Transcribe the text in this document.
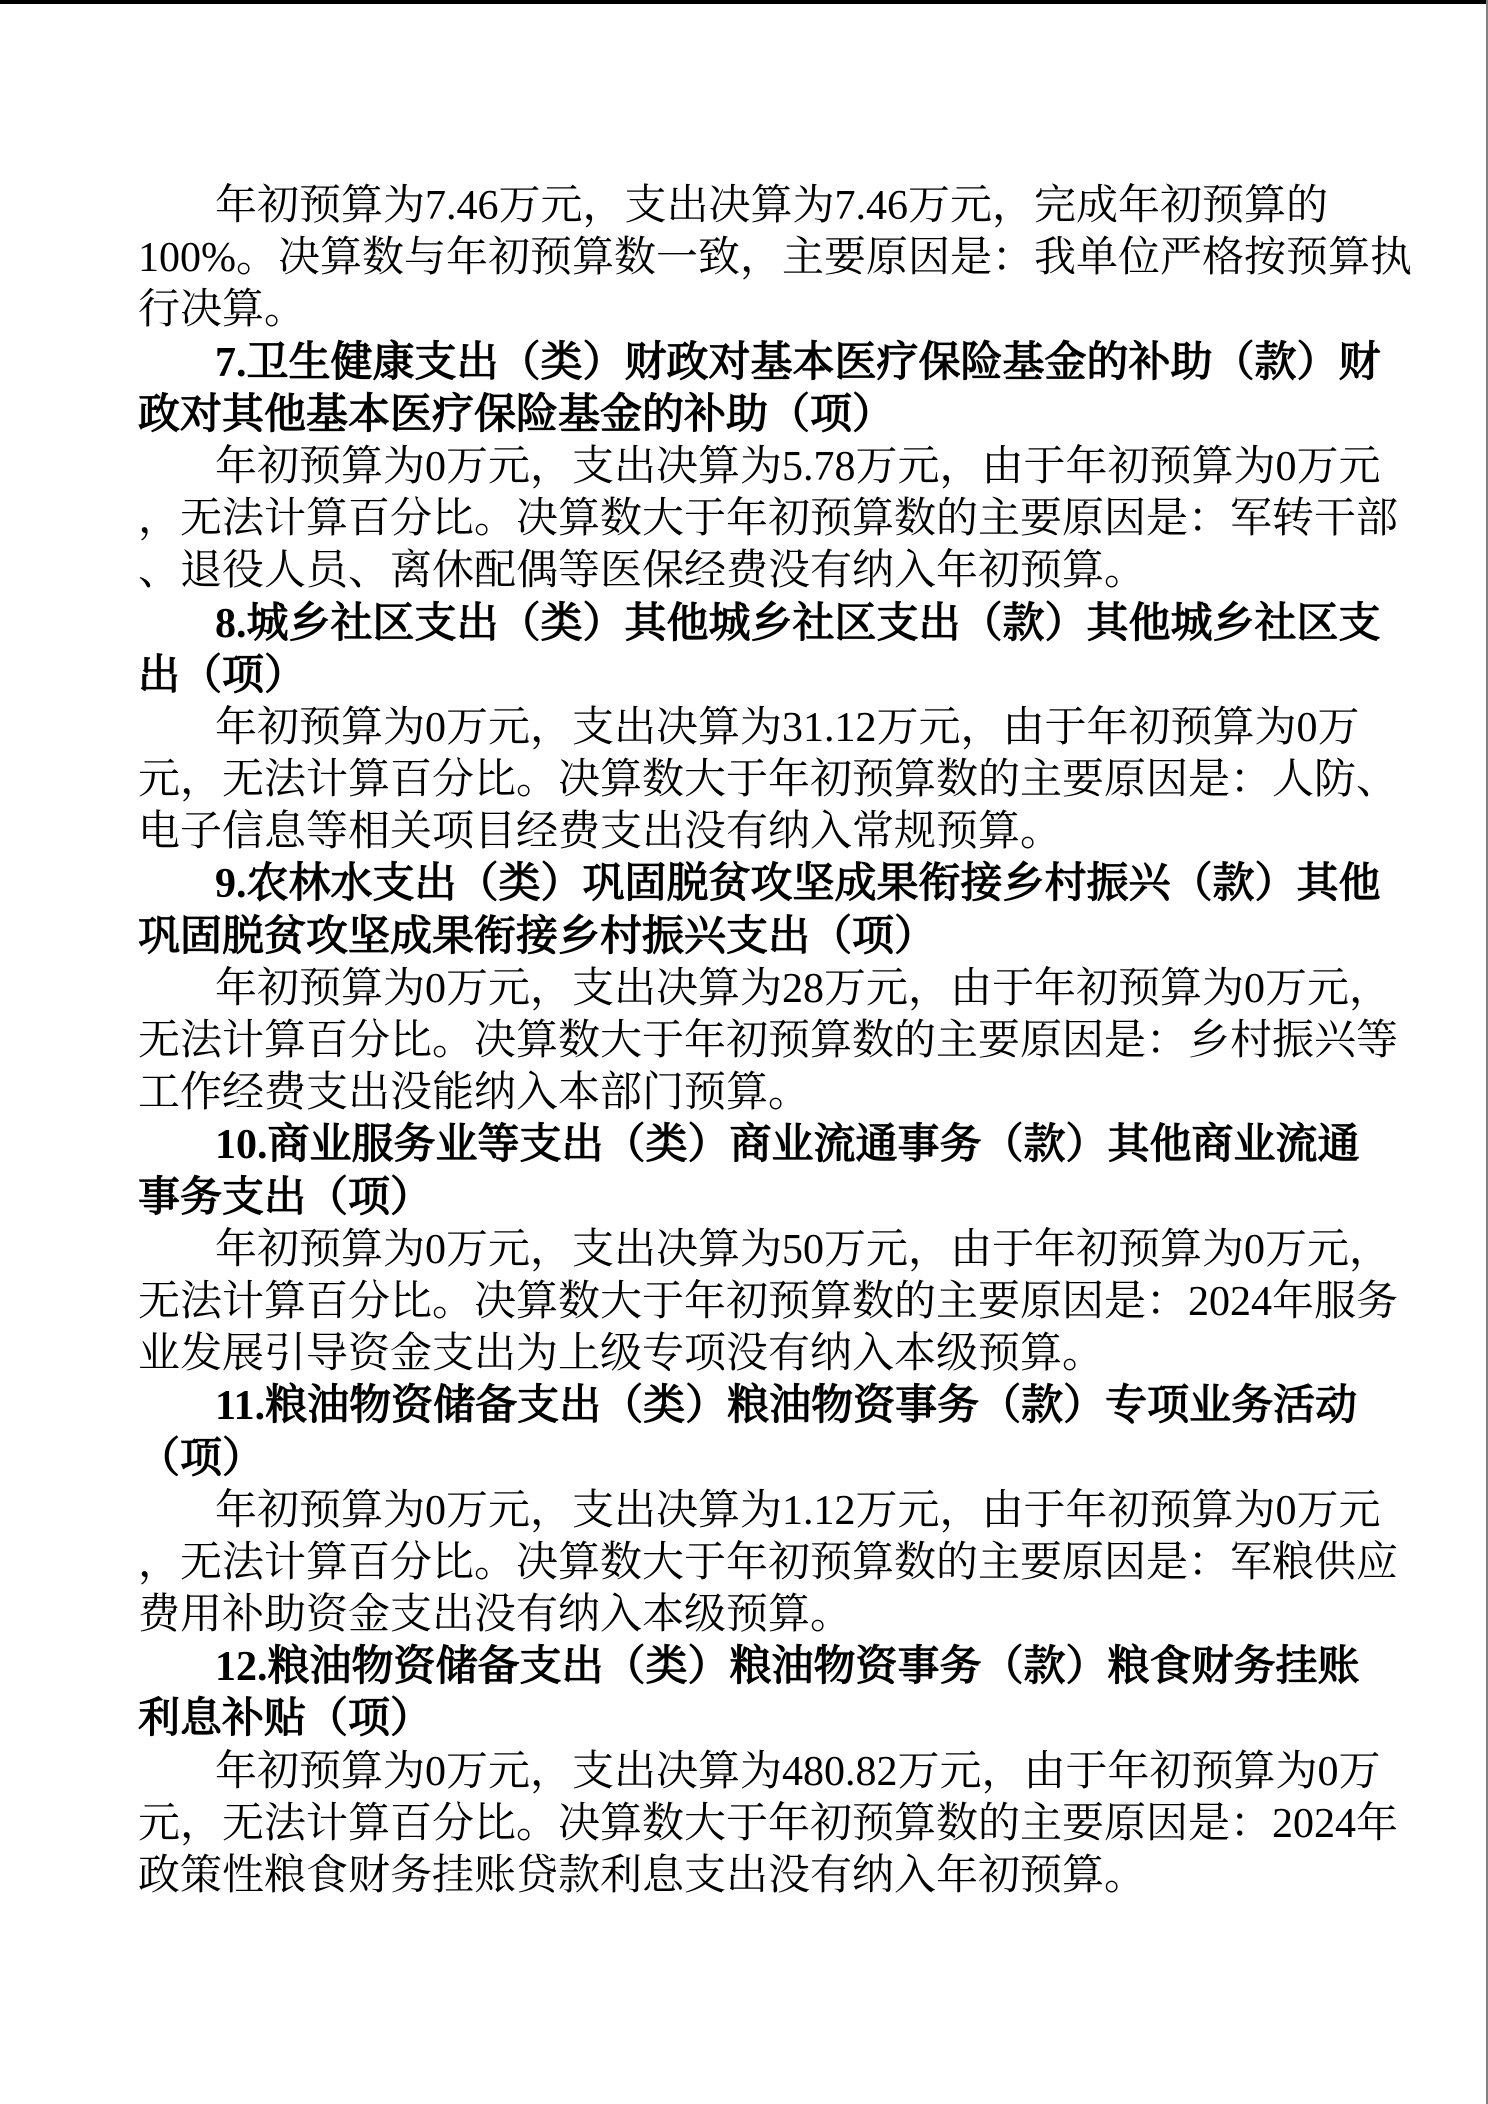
年初预算为7.46万元，支出决算为7.46万元，完成年初预算的
100%。决算数与年初预算数一致，主要原因是：我单位严格按预算执
行决算。
7.卫生健康支出（类）财政对基本医疗保险基金的补助（款）财
政对其他基本医疗保险基金的补助（项）
年初预算为0万元，支出决算为5.78万元，由于年初预算为0万元
，无法计算百分比。决算数大于年初预算数的主要原因是：军转干部
、退役人员、离休配偶等医保经费没有纳入年初预算。
8.城乡社区支出（类）其他城乡社区支出（款）其他城乡社区支
出（项）
年初预算为0万元，支出决算为31.12万元，由于年初预算为0万
元，无法计算百分比。决算数大于年初预算数的主要原因是：人防、
电子信息等相关项目经费支出没有纳入常规预算。
9.农林水支出（类）巩固脱贫攻坚成果衔接乡村振兴（款）其他
巩固脱贫攻坚成果衔接乡村振兴支出（项）
年初预算为0万元，支出决算为28万元，由于年初预算为0万元，
无法计算百分比。决算数大于年初预算数的主要原因是：乡村振兴等
工作经费支出没能纳入本部门预算。
10.商业服务业等支出（类）商业流通事务（款）其他商业流通
事务支出（项）
年初预算为0万元，支出决算为50万元，由于年初预算为0万元，
无法计算百分比。决算数大于年初预算数的主要原因是：2024年服务
业发展引导资金支出为上级专项没有纳入本级预算。
11.粮油物资储备支出（类）粮油物资事务（款）专项业务活动
（项）
年初预算为0万元，支出决算为1.12万元，由于年初预算为0万元
，无法计算百分比。决算数大于年初预算数的主要原因是：军粮供应
费用补助资金支出没有纳入本级预算。
12.粮油物资储备支出（类）粮油物资事务（款）粮食财务挂账
利息补贴（项）
年初预算为0万元，支出决算为480.82万元，由于年初预算为0万
元，无法计算百分比。决算数大于年初预算数的主要原因是：2024年
政策性粮食财务挂账贷款利息支出没有纳入年初预算。
